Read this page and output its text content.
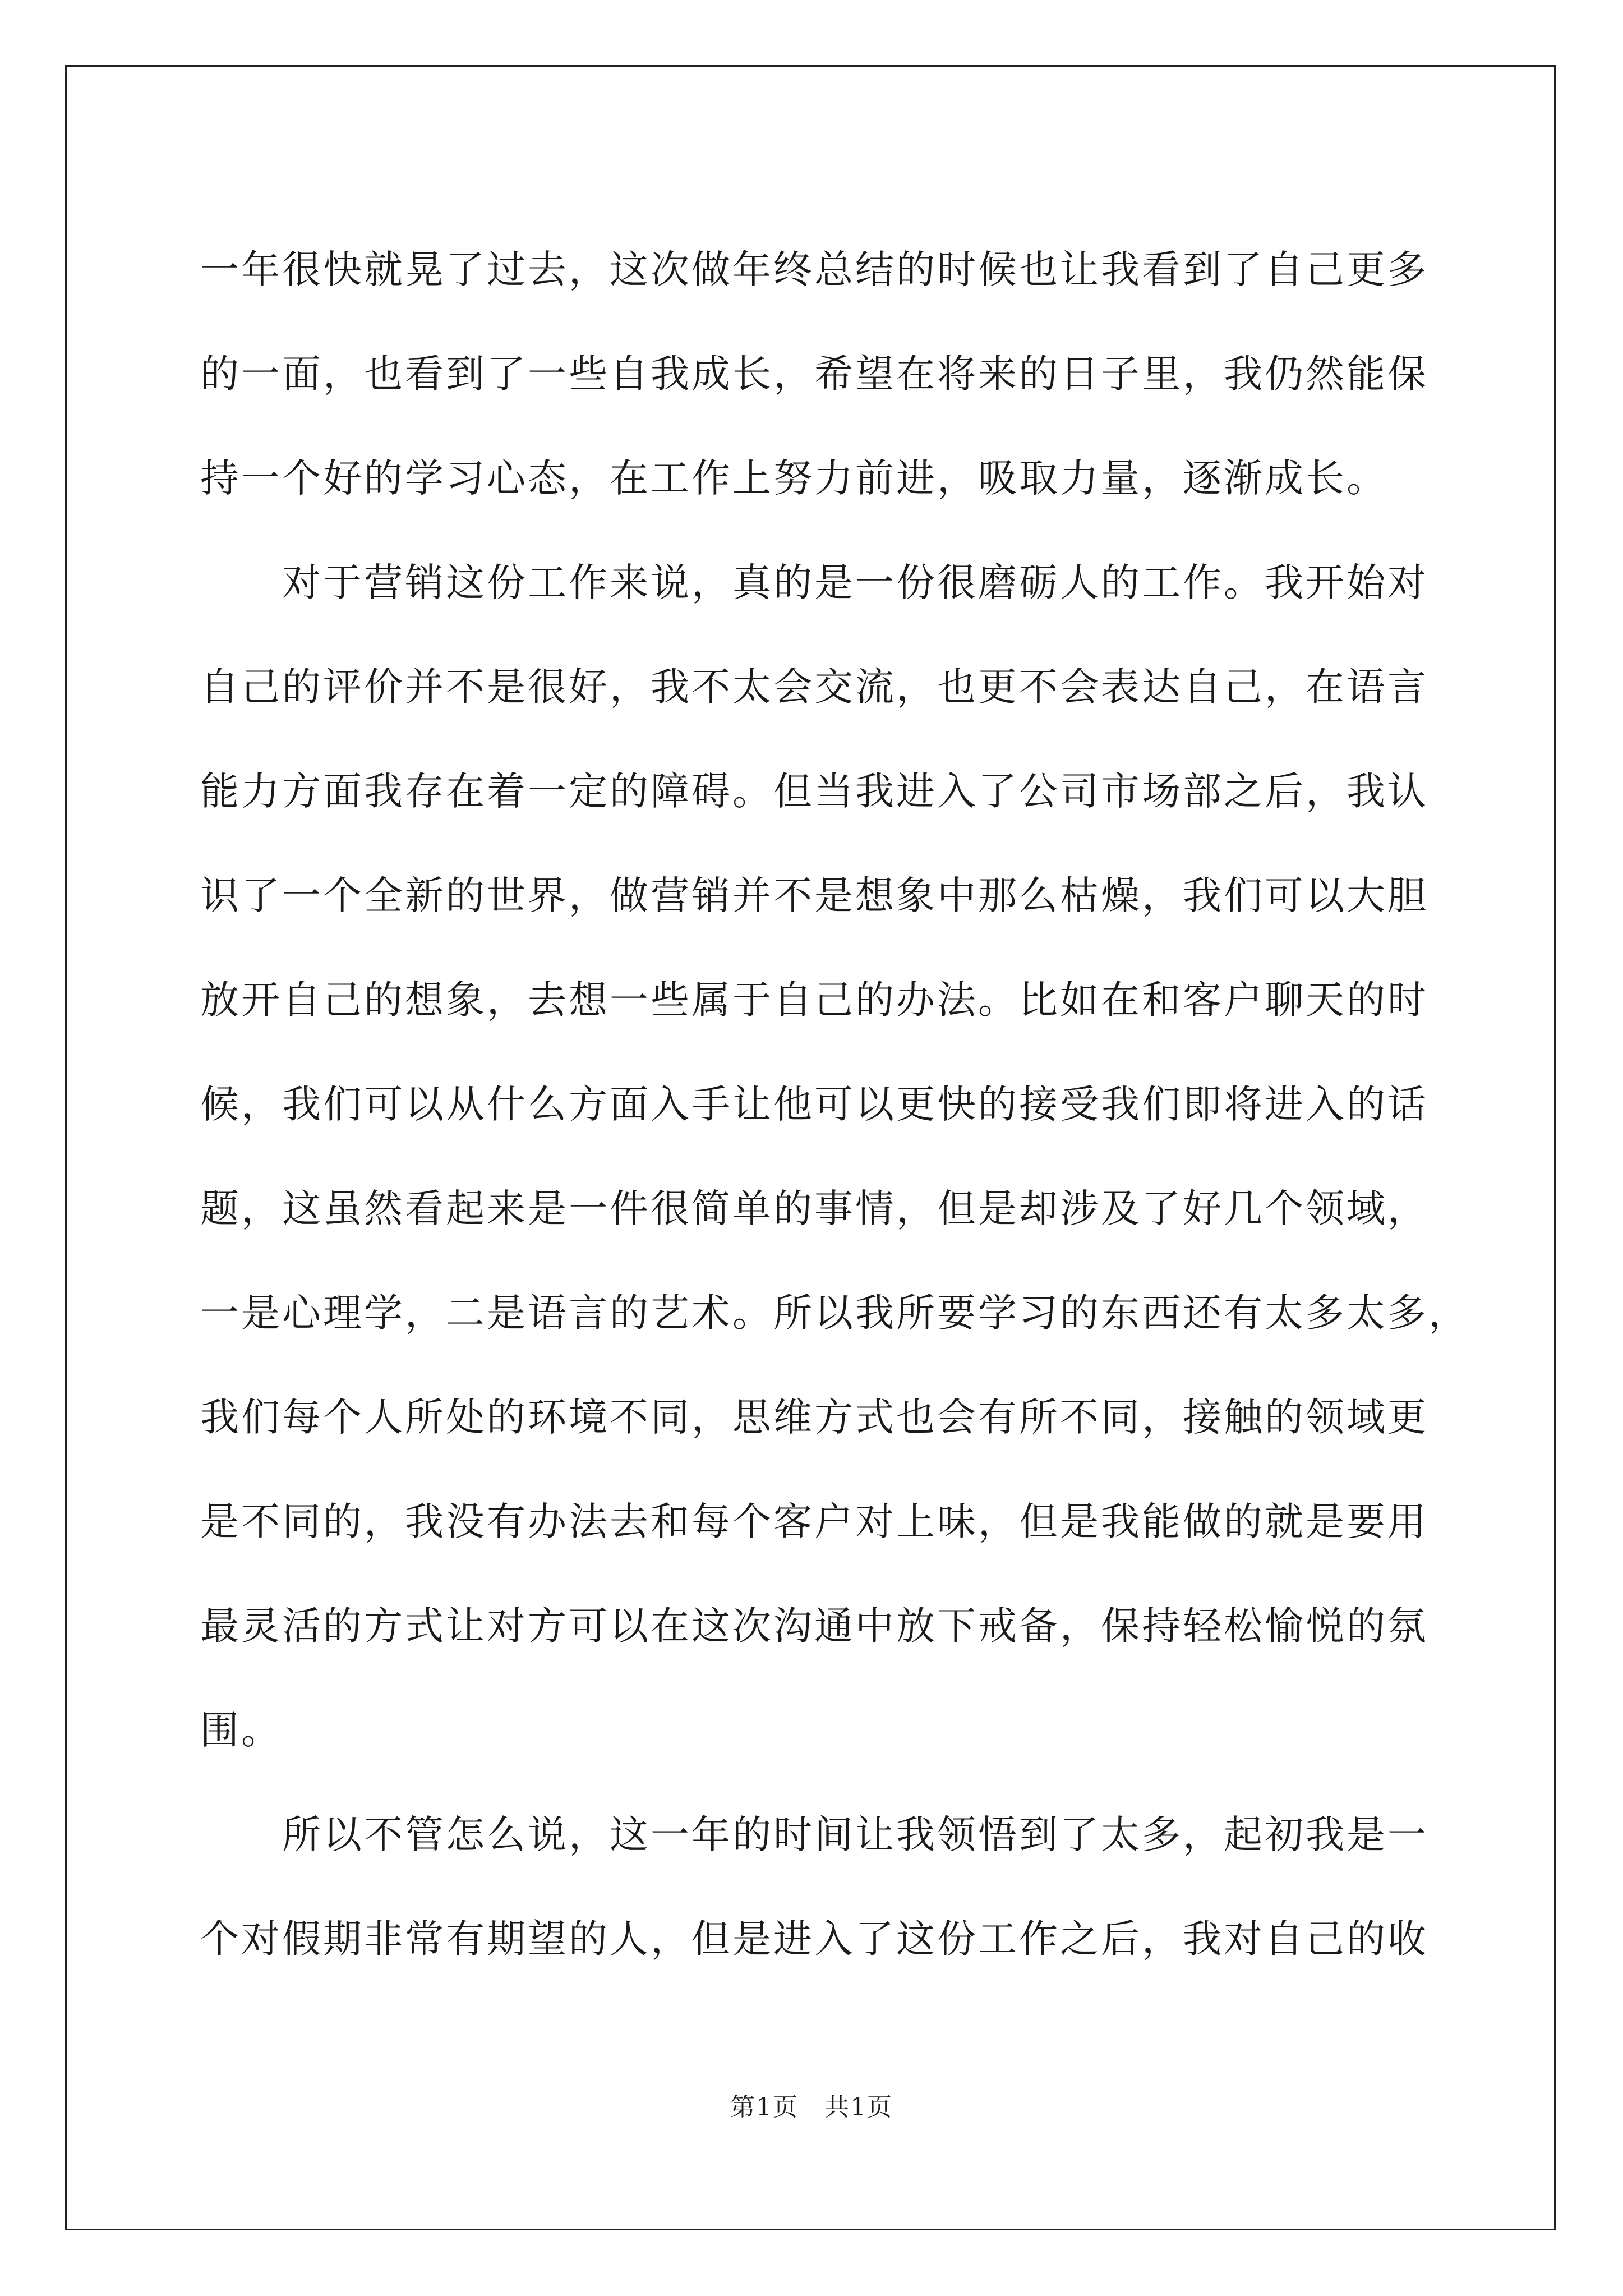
一年很快就晃了过去，这次做年终总结的时候也让我看到了自己更多
的一面，也看到了一些自我成长，希望在将来的日子里，我仍然能保
持一个好的学习心态，在工作上努力前进，吸取力量，逐渐成长。
　　对于营销这份工作来说，真的是一份很磨砺人的工作。我开始对
自己的评价并不是很好，我不太会交流，也更不会表达自己，在语言
能力方面我存在着一定的障碍。但当我进入了公司市场部之后，我认
识了一个全新的世界，做营销并不是想象中那么枯燥，我们可以大胆
放开自己的想象，去想一些属于自己的办法。比如在和客户聊天的时
候，我们可以从什么方面入手让他可以更快的接受我们即将进入的话
题，这虽然看起来是一件很简单的事情，但是却涉及了好几个领域，
一是心理学，二是语言的艺术。所以我所要学习的东西还有太多太多，
我们每个人所处的环境不同，思维方式也会有所不同，接触的领域更
是不同的，我没有办法去和每个客户对上味，但是我能做的就是要用
最灵活的方式让对方可以在这次沟通中放下戒备，保持轻松愉悦的氛
围。
　　所以不管怎么说，这一年的时间让我领悟到了太多，起初我是一
个对假期非常有期望的人，但是进入了这份工作之后，我对自己的收
第1页　共1页
